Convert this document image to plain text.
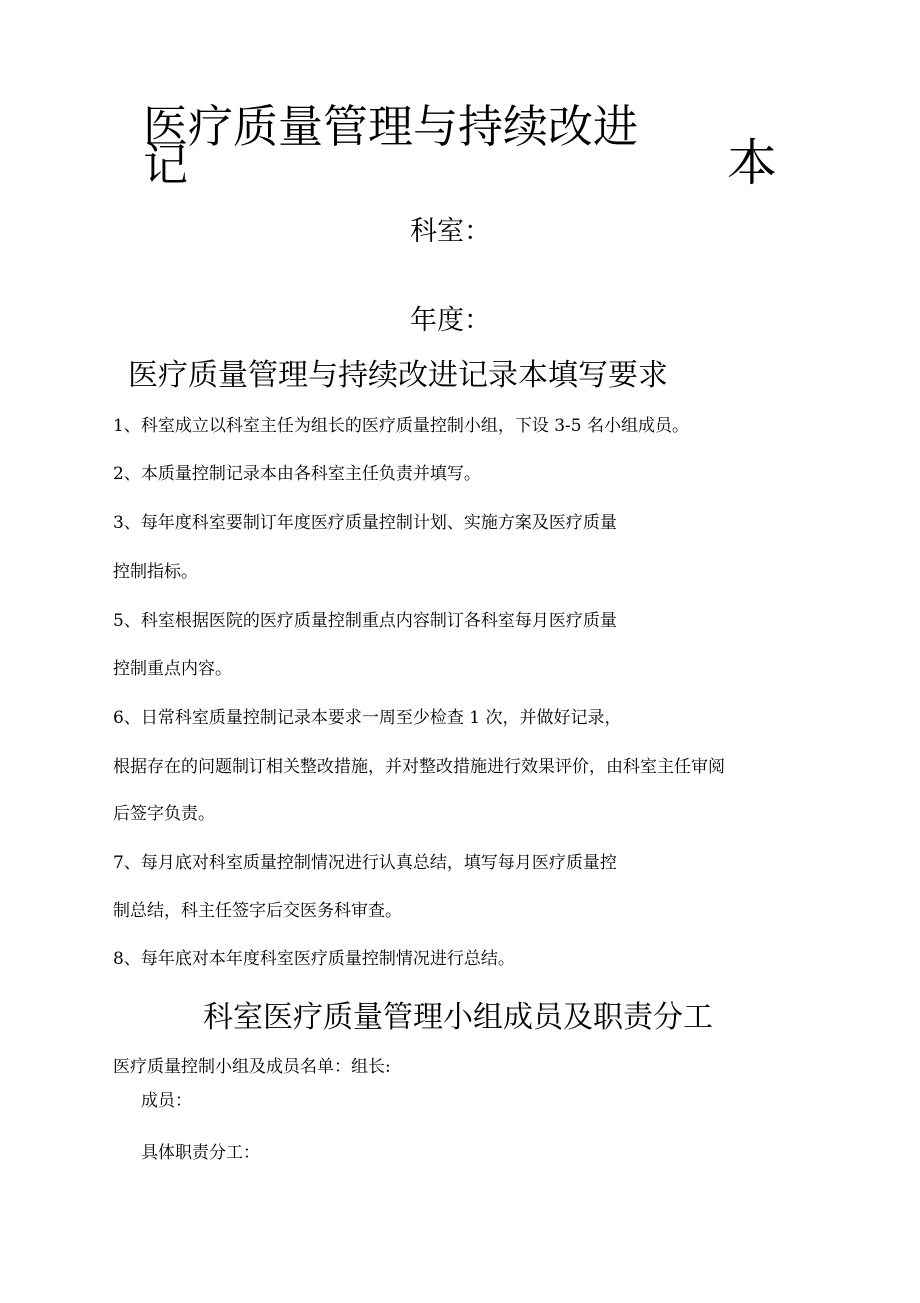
医疗质量管理与持续改进
记	本
科室：
年度：
医疗质量管理与持续改进记录本填写要求
1、科室成立以科室主任为组长的医疗质量控制小组，下设 3-5 名小组成员。
2、本质量控制记录本由各科室主任负责并填写。
3、每年度科室要制订年度医疗质量控制计划、实施方案及医疗质量
控制指标。
5、科室根据医院的医疗质量控制重点内容制订各科室每月医疗质量
控制重点内容。
6、日常科室质量控制记录本要求一周至少检查 1 次，并做好记录，
根据存在的问题制订相关整改措施，并对整改措施进行效果评价，由科室主任审阅
后签字负责。
7、每月底对科室质量控制情况进行认真总结，填写每月医疗质量控
制总结，科主任签字后交医务科审查。
8、每年底对本年度科室医疗质量控制情况进行总结。
科室医疗质量管理小组成员及职责分工
医疗质量控制小组及成员名单：组长:
成员：
具体职责分工：
